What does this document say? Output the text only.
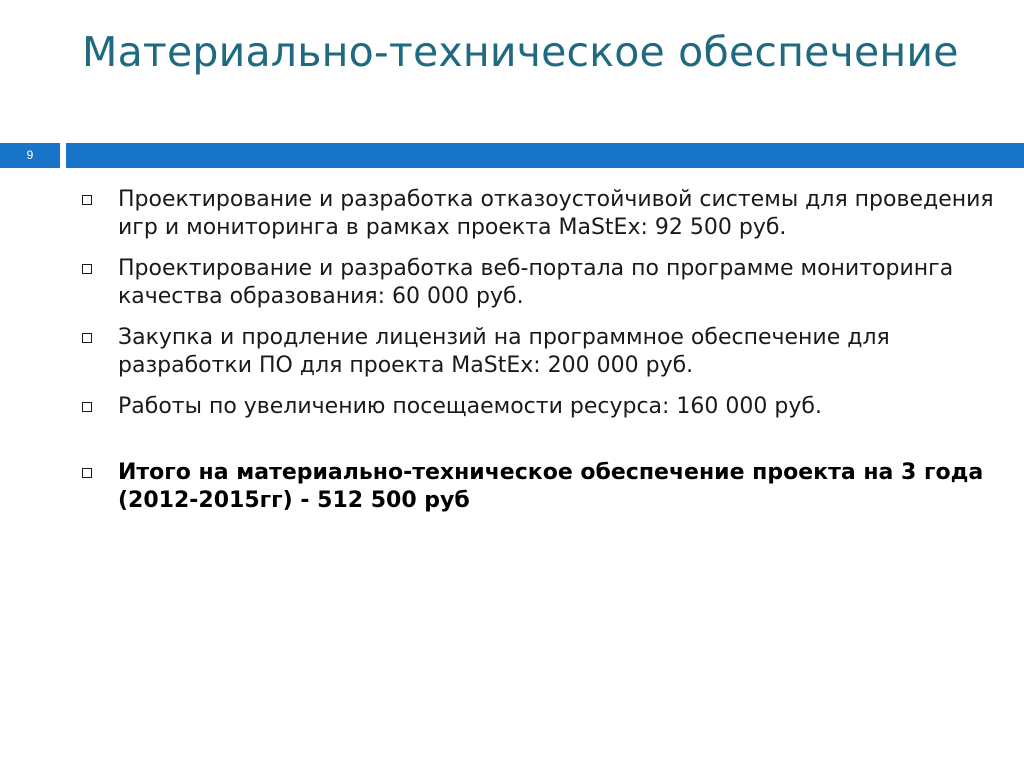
Материально-техническое обеспечение
9
Проектирование и разработка отказоустойчивой системы для проведения игр и мониторинга в рамках проекта MaStEx: 92 500 руб.
Проектирование и разработка веб-портала по программе мониторинга качества образования: 60 000 руб.
Закупка и продление лицензий на программное обеспечение для разработки ПО для проекта MaStEx: 200 000 руб.
Работы по увеличению посещаемости ресурса: 160 000 руб.
Итого на материально-техническое обеспечение проекта на 3 года (2012-2015гг) - 512 500 руб
